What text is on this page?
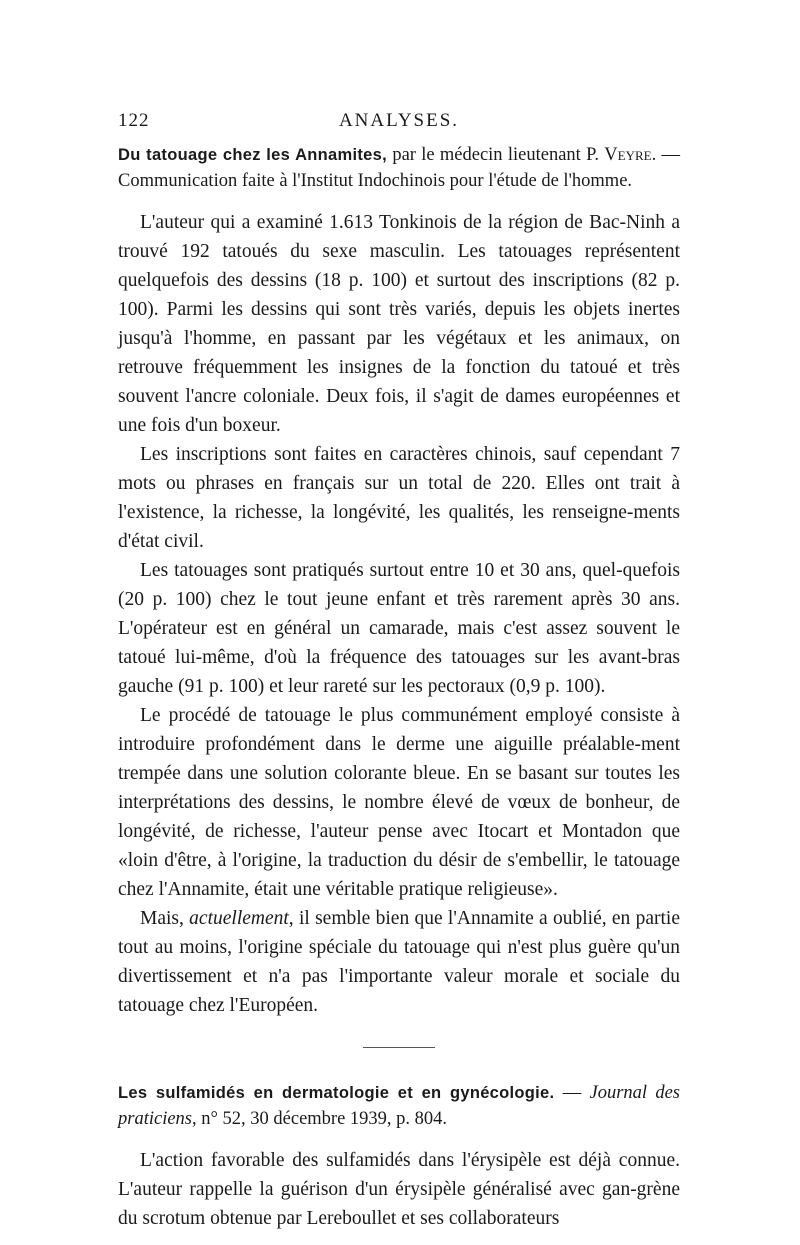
122	ANALYSES.

Du tatouage chez les Annamites, par le médecin lieutenant P. Veyre. — Communication faite à l'Institut Indochinois pour l'étude de l'homme.

L'auteur qui a examiné 1.613 Tonkinois de la région de Bac-Ninh a trouvé 192 tatoués du sexe masculin. Les tatouages représentent quelquefois des dessins (18 p. 100) et surtout des inscriptions (82 p. 100). Parmi les dessins qui sont très variés, depuis les objets inertes jusqu'à l'homme, en passant par les végétaux et les animaux, on retrouve fréquemment les insignes de la fonction du tatoué et très souvent l'ancre coloniale. Deux fois, il s'agit de dames européennes et une fois d'un boxeur.

Les inscriptions sont faites en caractères chinois, sauf cependant 7 mots ou phrases en français sur un total de 220. Elles ont trait à l'existence, la richesse, la longévité, les qualités, les renseigne-ments d'état civil.

Les tatouages sont pratiqués surtout entre 10 et 30 ans, quel-quefois (20 p. 100) chez le tout jeune enfant et très rarement après 30 ans. L'opérateur est en général un camarade, mais c'est assez souvent le tatoué lui-même, d'où la fréquence des tatouages sur les avant-bras gauche (91 p. 100) et leur rareté sur les pectoraux (0,9 p. 100).

Le procédé de tatouage le plus communément employé consiste à introduire profondément dans le derme une aiguille préalable-ment trempée dans une solution colorante bleue. En se basant sur toutes les interprétations des dessins, le nombre élevé de vœux de bonheur, de longévité, de richesse, l'auteur pense avec Itocart et Montadon que «loin d'être, à l'origine, la traduction du désir de s'embellir, le tatouage chez l'Annamite, était une véritable pratique religieuse».

Mais, actuellement, il semble bien que l'Annamite a oublié, en partie tout au moins, l'origine spéciale du tatouage qui n'est plus guère qu'un divertissement et n'a pas l'importante valeur morale et sociale du tatouage chez l'Européen.

Les sulfamidés en dermatologie et en gynécologie. — Journal des praticiens, n° 52, 30 décembre 1939, p. 804.

L'action favorable des sulfamidés dans l'érysipèle est déjà connue. L'auteur rappelle la guérison d'un érysipèle généralisé avec gan-grène du scrotum obtenue par Lereboullet et ses collaborateurs
